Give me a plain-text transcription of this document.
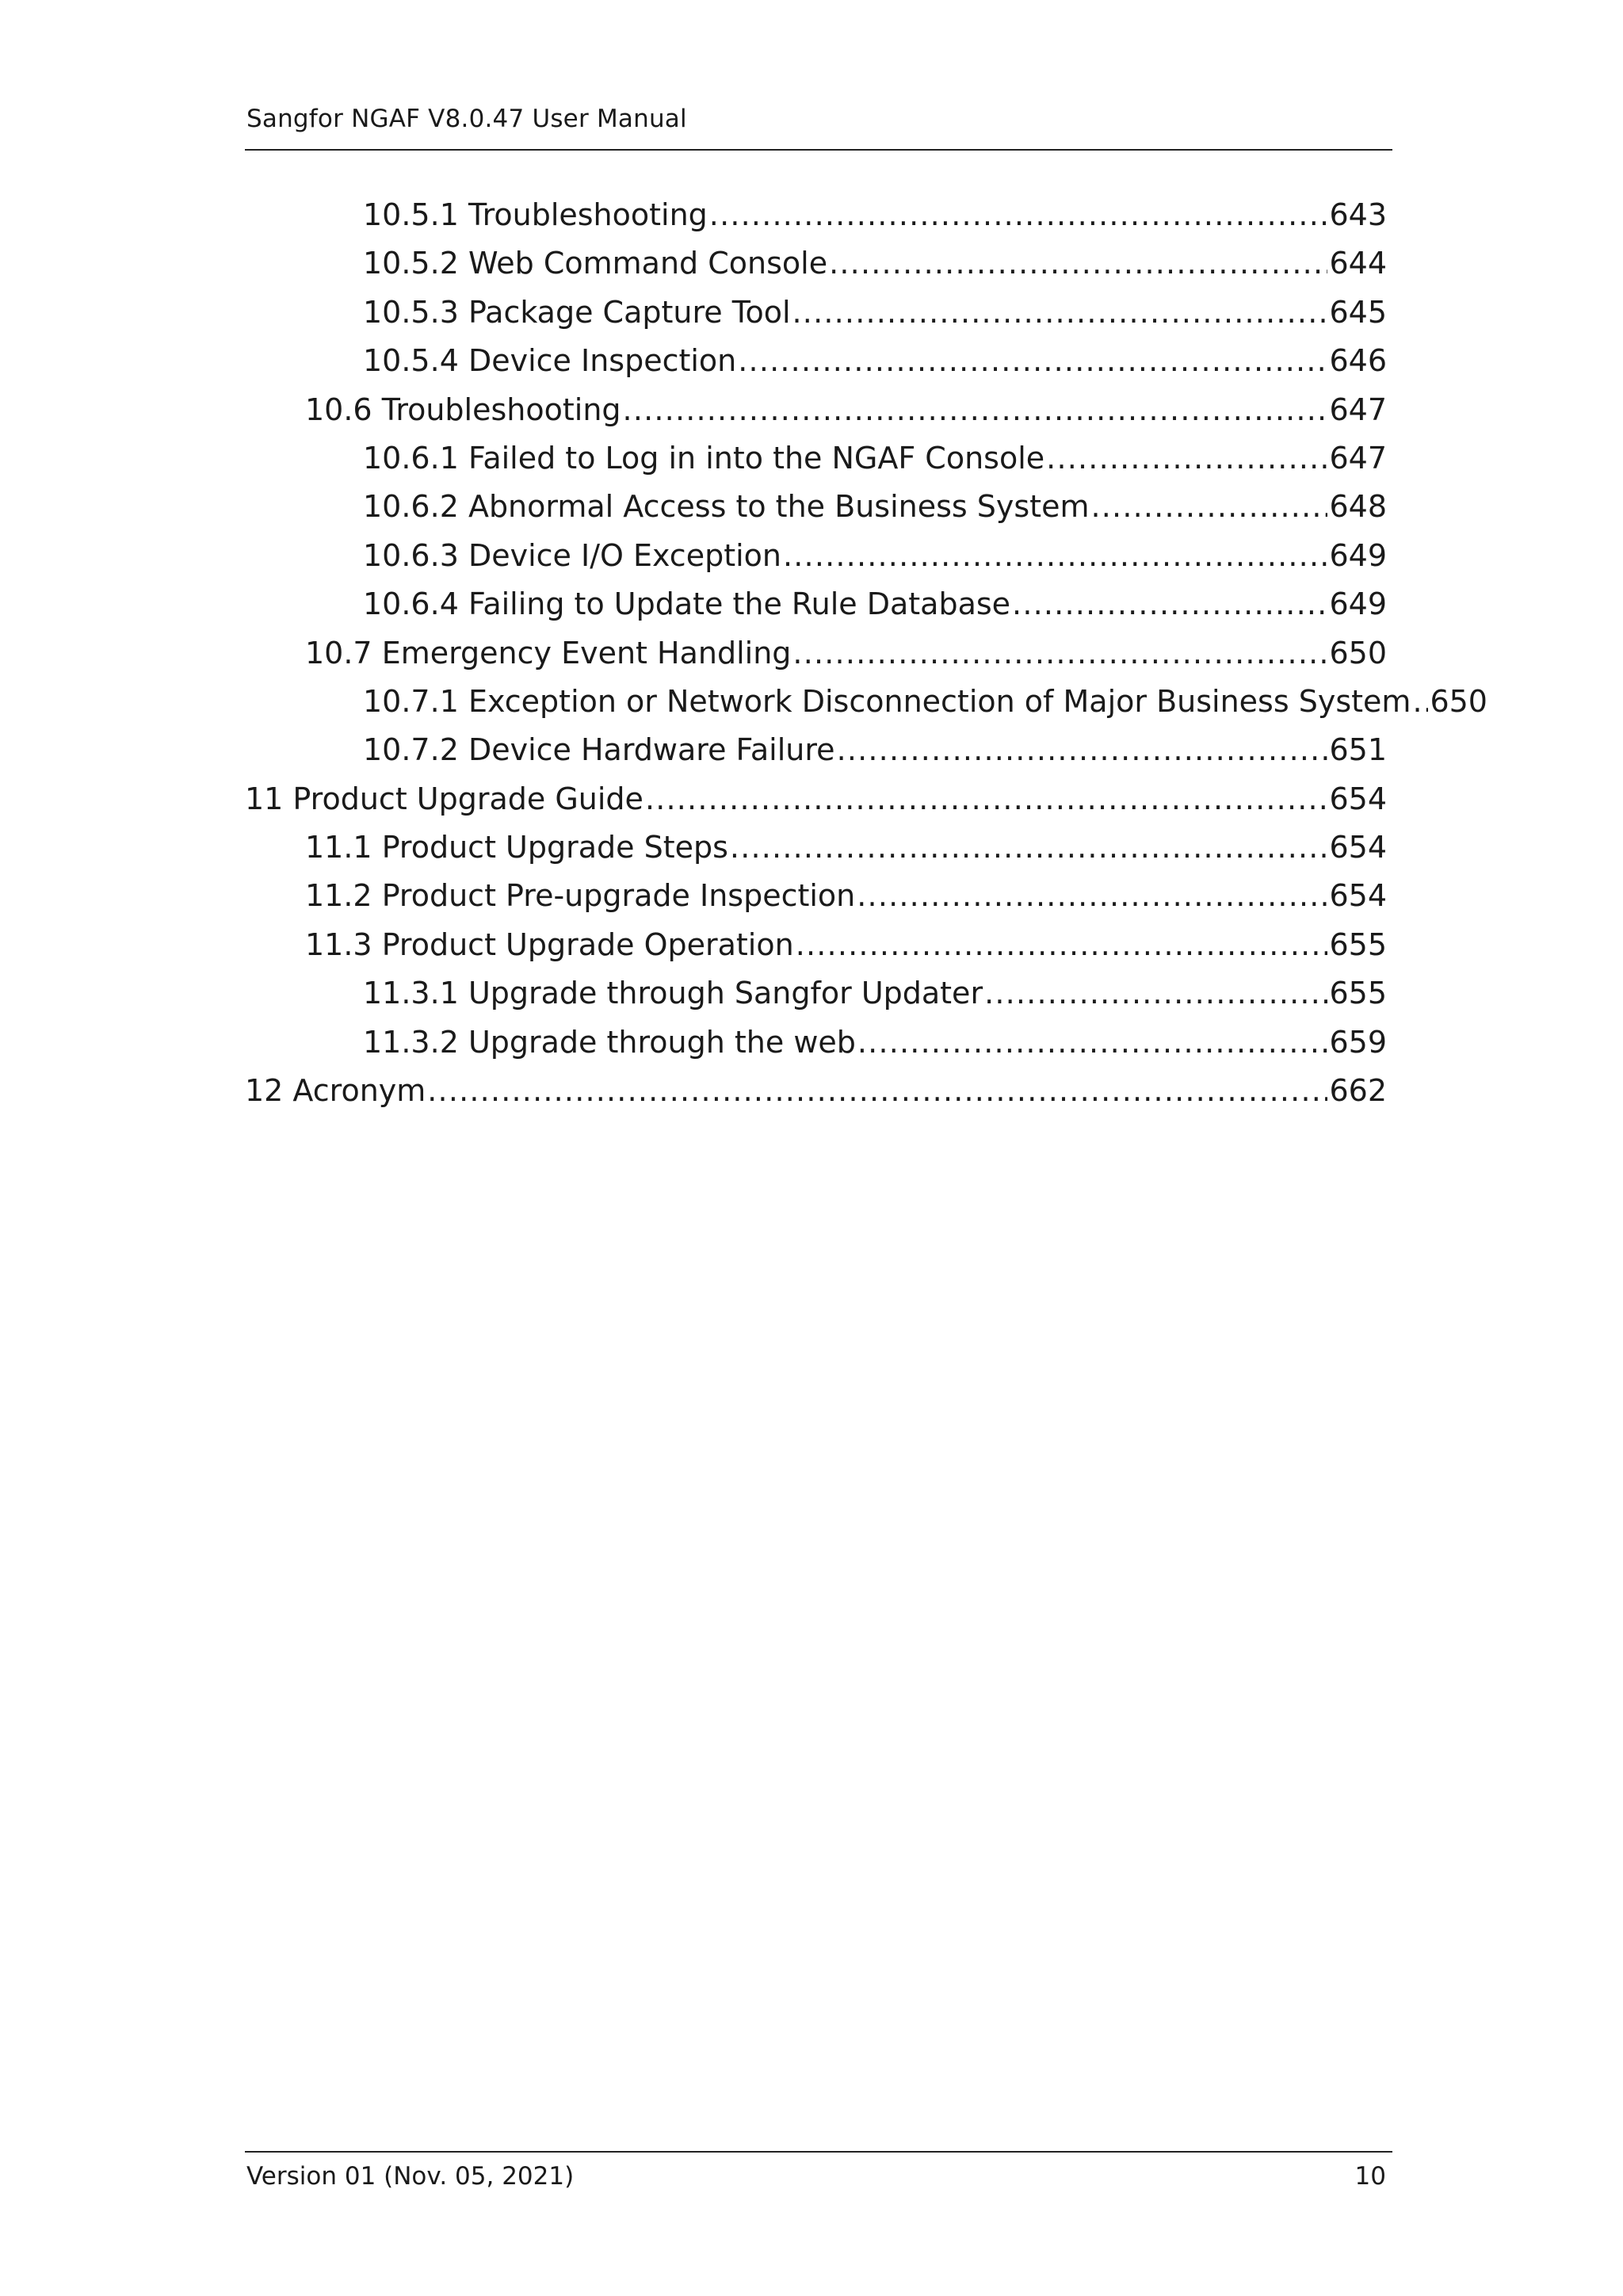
Sangfor NGAF V8.0.47 User Manual
10.5.1 Troubleshooting .....	643
10.5.2 Web Command Console .....	644
10.5.3 Package Capture Tool .....	645
10.5.4 Device Inspection .....	646
10.6 Troubleshooting .....	647
10.6.1 Failed to Log in into the NGAF Console .....	647
10.6.2 Abnormal Access to the Business System .....	648
10.6.3 Device I/O Exception .....	649
10.6.4 Failing to Update the Rule Database .....	649
10.7 Emergency Event Handling .....	650
10.7.1 Exception or Network Disconnection of Major Business System ..... 650
10.7.2 Device Hardware Failure .....	651
11 Product Upgrade Guide .....	654
11.1 Product Upgrade Steps .....	654
11.2 Product Pre-upgrade Inspection .....	654
11.3 Product Upgrade Operation .....	655
11.3.1 Upgrade through Sangfor Updater .....	655
11.3.2 Upgrade through the web .....	659
12 Acronym .....	662
Version 01 (Nov. 05, 2021)	10
